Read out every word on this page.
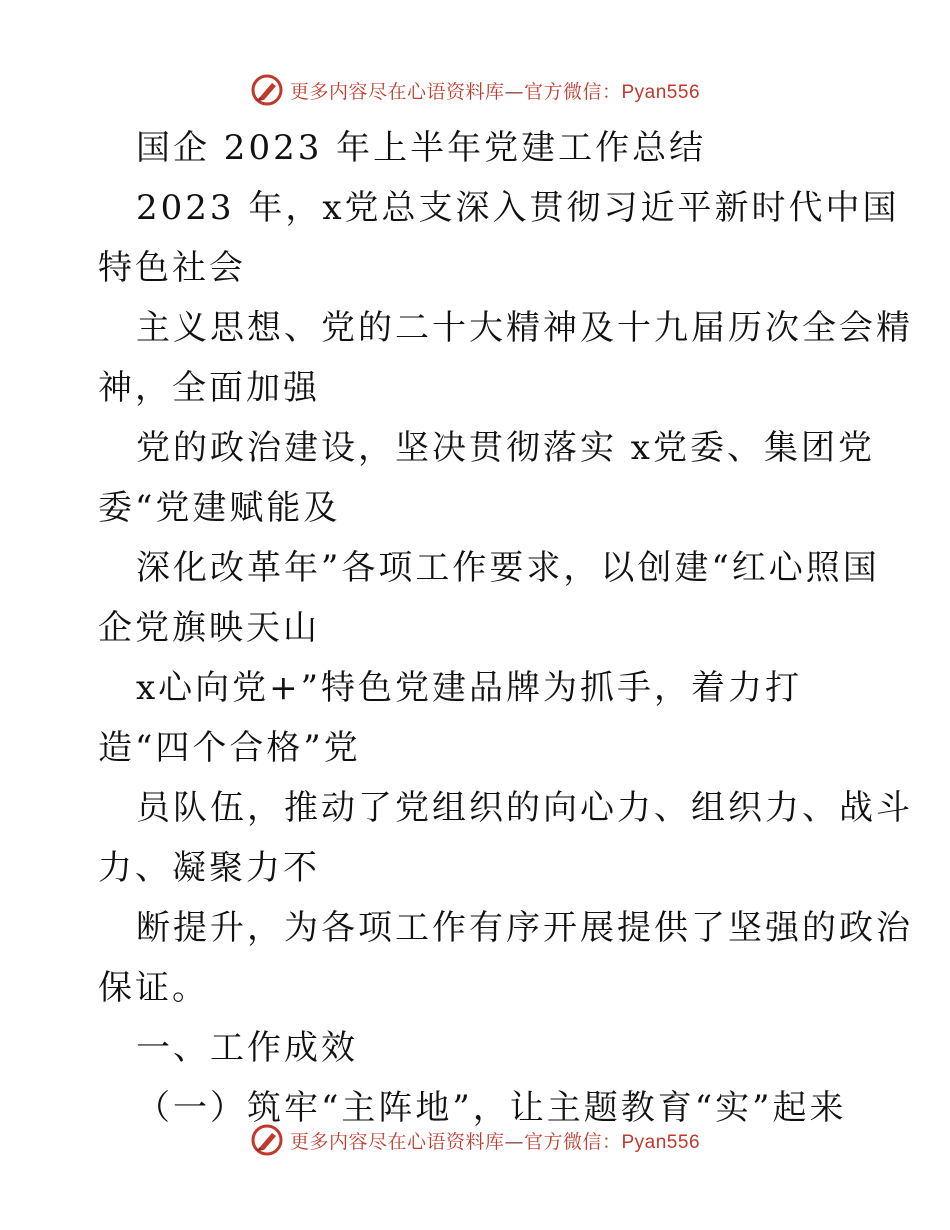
更多内容尽在心语资料库—官方微信：Pyan556
国企 2023 年上半年党建工作总结
2023 年，x党总支深入贯彻习近平新时代中国
特色社会
主义思想、党的二十大精神及十九届历次全会精
神，全面加强
党的政治建设，坚决贯彻落实 x党委、集团党
委“党建赋能及
深化改革年”各项工作要求，以创建“红心照国
企党旗映天山
x心向党+”特色党建品牌为抓手，着力打
造“四个合格”党
员队伍，推动了党组织的向心力、组织力、战斗
力、凝聚力不
断提升，为各项工作有序开展提供了坚强的政治
保证。
一、工作成效
（一）筑牢“主阵地”，让主题教育“实”起来
更多内容尽在心语资料库—官方微信：Pyan556
